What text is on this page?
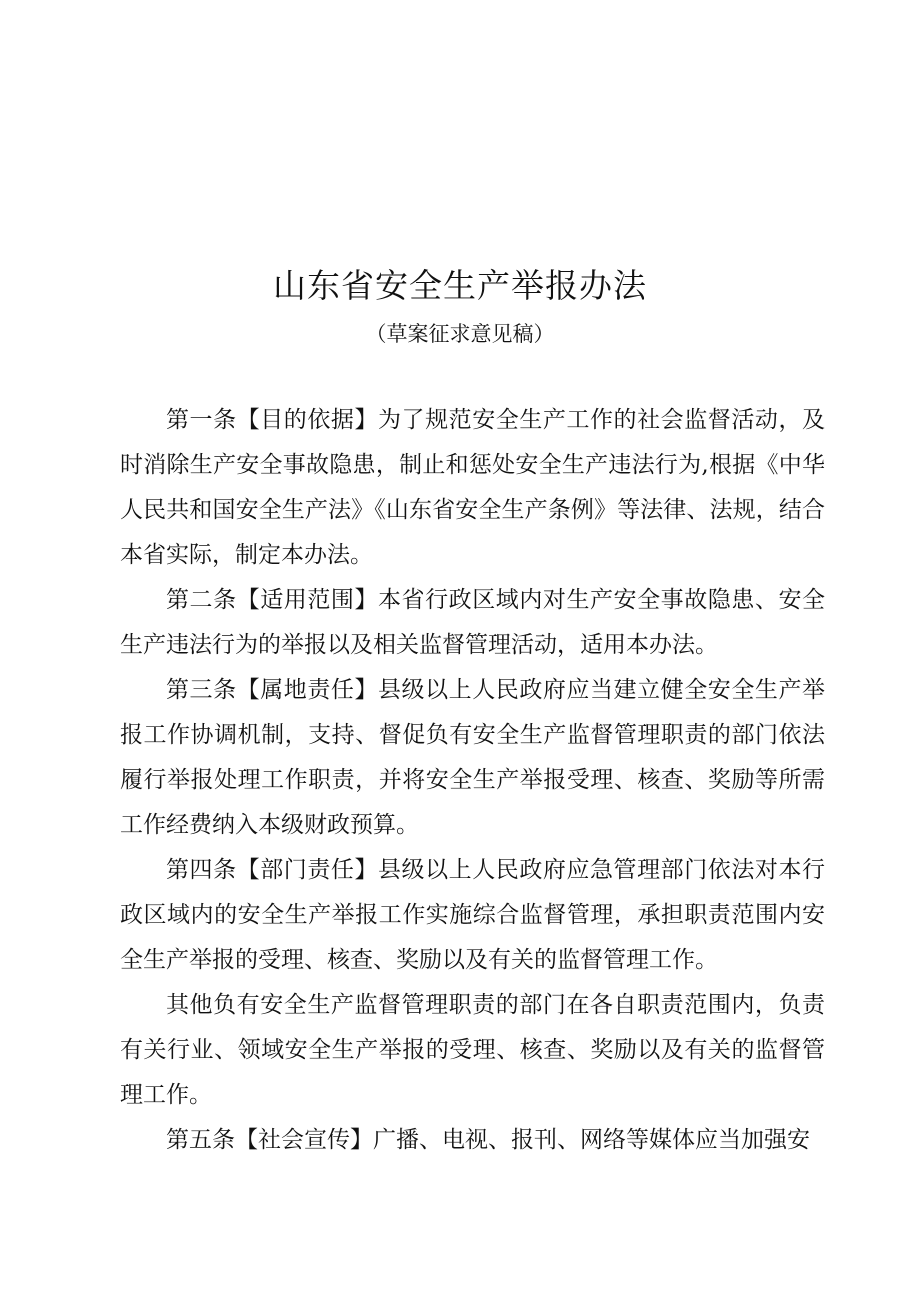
山东省安全生产举报办法
（草案征求意见稿）

第一条【目的依据】为了规范安全生产工作的社会监督活动，及时消除生产安全事故隐患，制止和惩处安全生产违法行为,根据《中华人民共和国安全生产法》《山东省安全生产条例》等法律、法规，结合本省实际，制定本办法。

第二条【适用范围】本省行政区域内对生产安全事故隐患、安全生产违法行为的举报以及相关监督管理活动，适用本办法。

第三条【属地责任】县级以上人民政府应当建立健全安全生产举报工作协调机制，支持、督促负有安全生产监督管理职责的部门依法履行举报处理工作职责，并将安全生产举报受理、核查、奖励等所需工作经费纳入本级财政预算。

第四条【部门责任】县级以上人民政府应急管理部门依法对本行政区域内的安全生产举报工作实施综合监督管理，承担职责范围内安全生产举报的受理、核查、奖励以及有关的监督管理工作。

其他负有安全生产监督管理职责的部门在各自职责范围内，负责有关行业、领域安全生产举报的受理、核查、奖励以及有关的监督管理工作。

第五条【社会宣传】广播、电视、报刊、网络等媒体应当加强安
